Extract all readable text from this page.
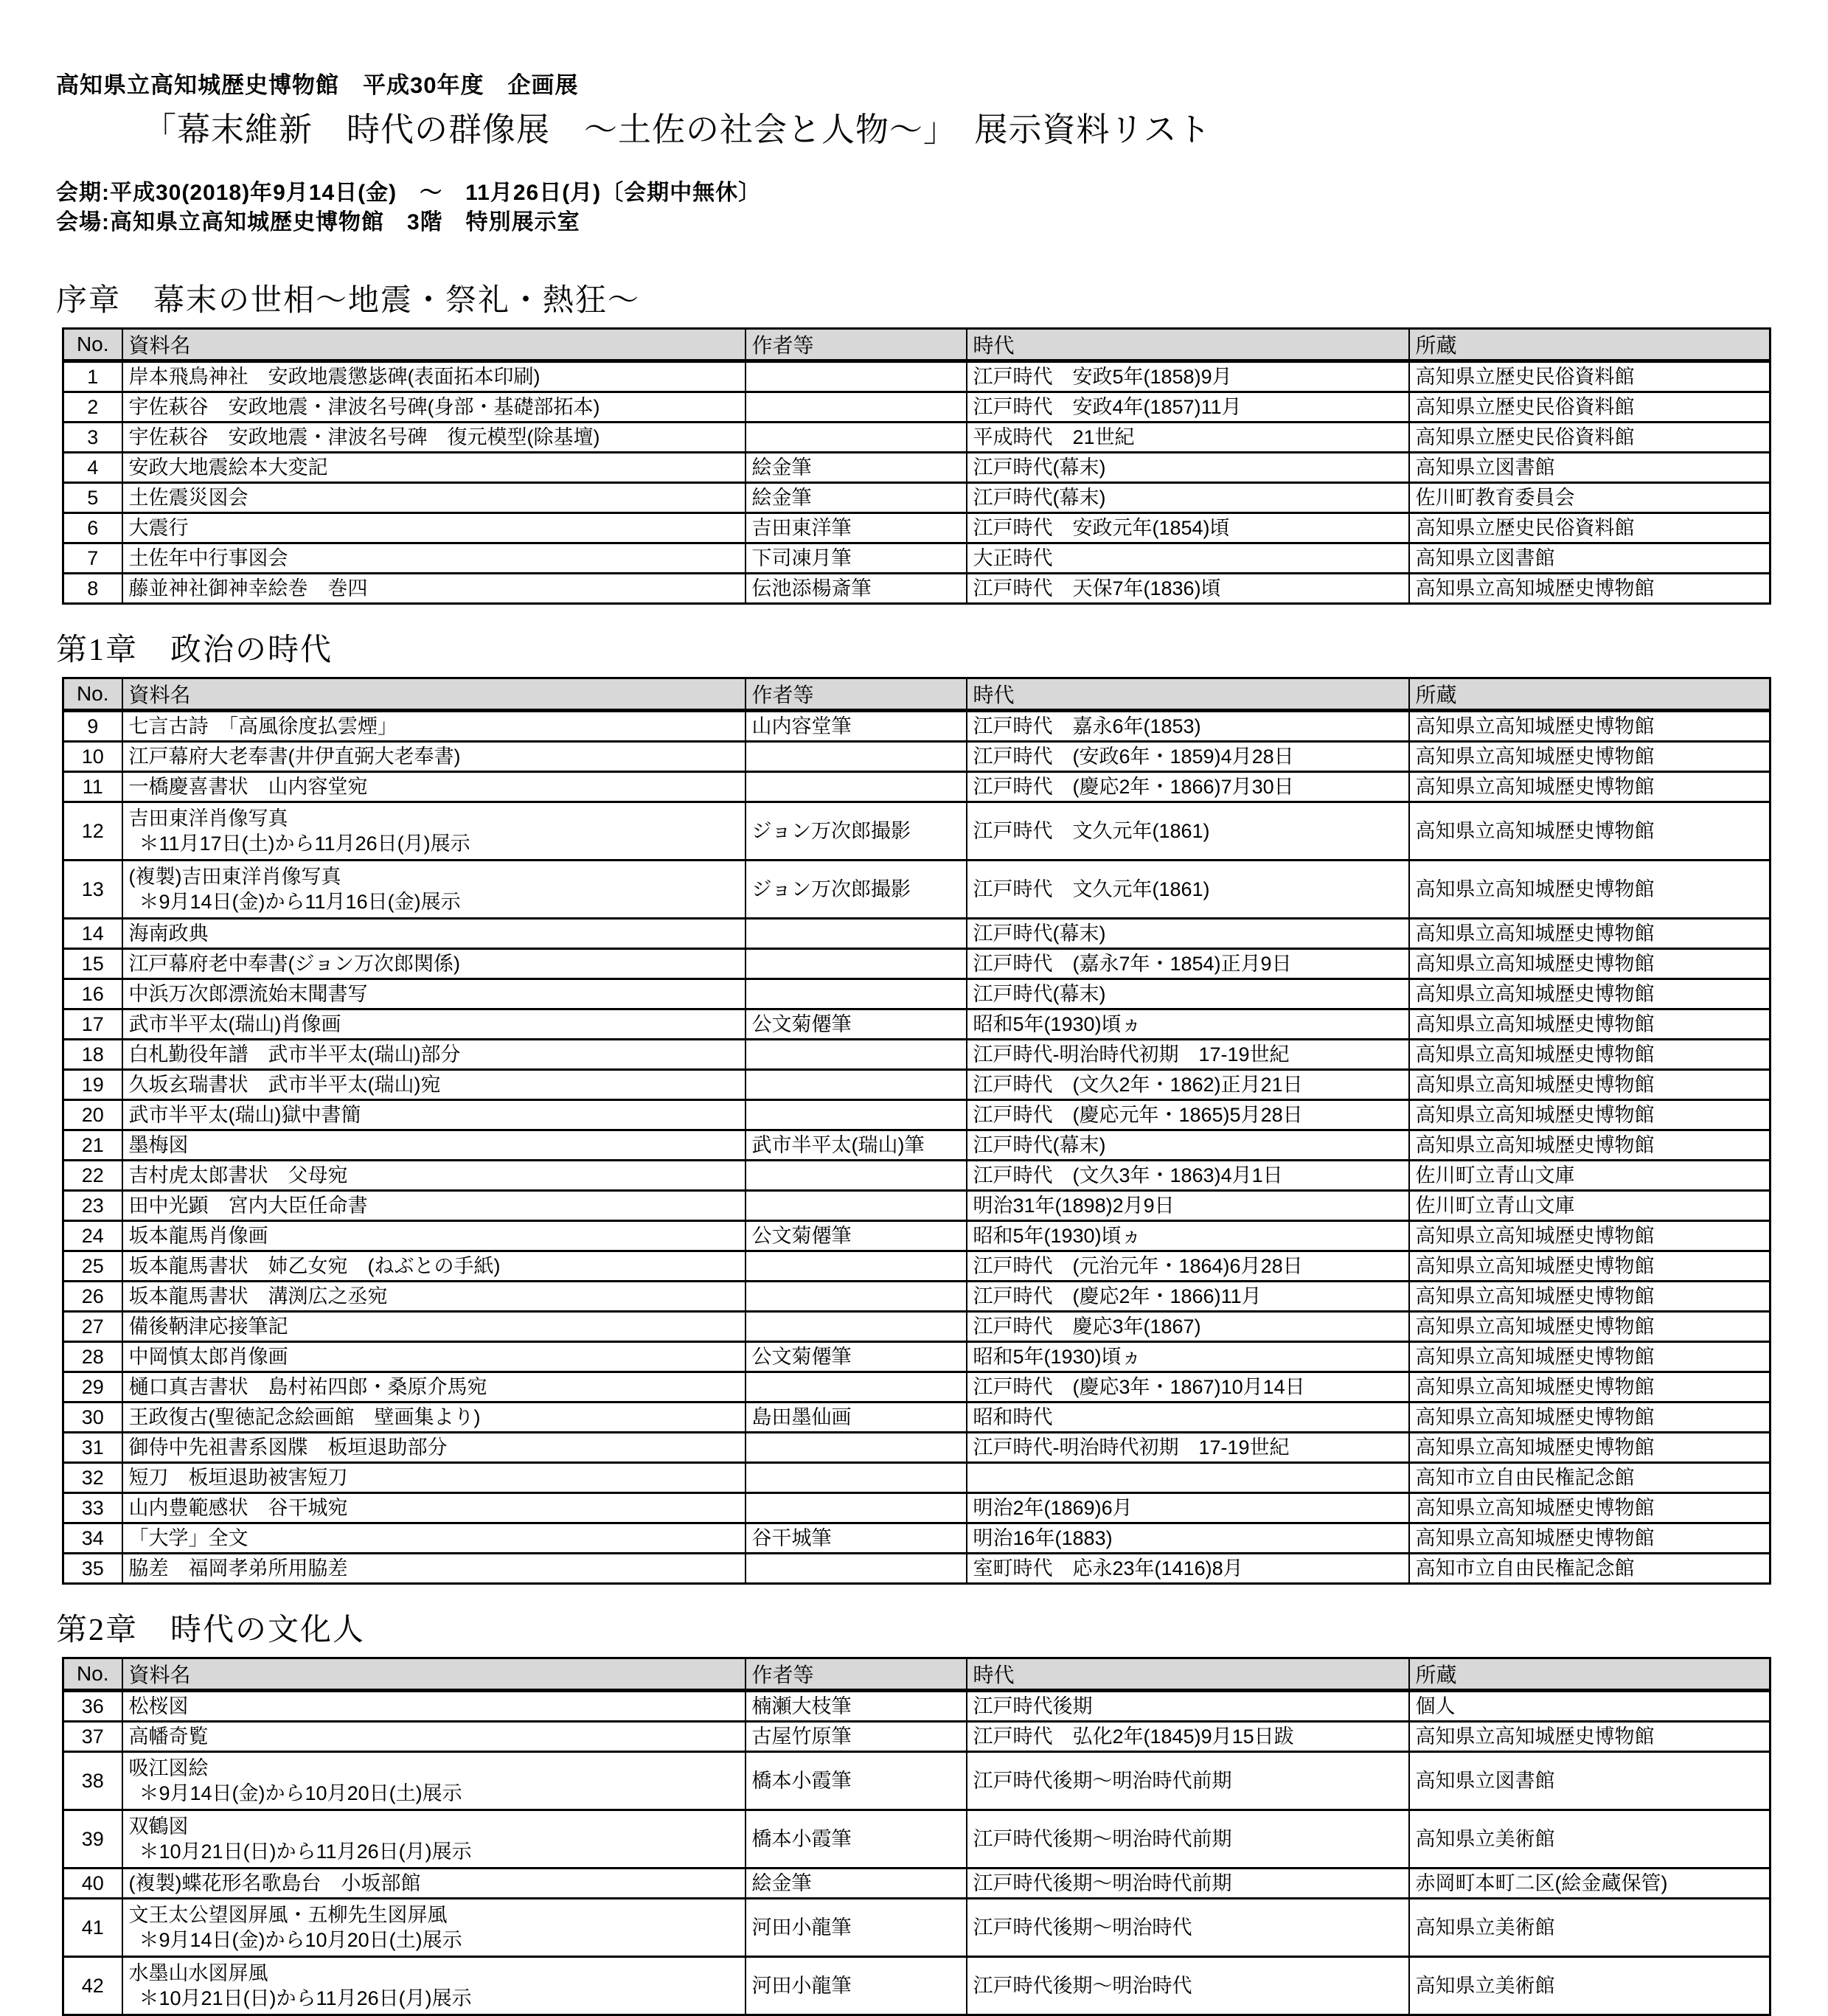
高知県立高知城歴史博物館　平成30年度　企画展
「幕末維新　時代の群像展　～土佐の社会と人物～」　展示資料リスト
会期:平成30(2018)年9月14日(金)　～　11月26日(月)〔会期中無休〕
会場:高知県立高知城歴史博物館　3階　特別展示室
序章　幕末の世相～地震・祭礼・熱狂～
No.	資料名	作者等	時代	所蔵
1	岸本飛鳥神社　安政地震懲毖碑(表面拓本印刷)		江戸時代　安政5年(1858)9月	高知県立歴史民俗資料館
2	宇佐萩谷　安政地震・津波名号碑(身部・基礎部拓本)		江戸時代　安政4年(1857)11月	高知県立歴史民俗資料館
3	宇佐萩谷　安政地震・津波名号碑　復元模型(除基壇)		平成時代　21世紀	高知県立歴史民俗資料館
4	安政大地震絵本大変記	絵金筆	江戸時代(幕末)	高知県立図書館
5	土佐震災図会	絵金筆	江戸時代(幕末)	佐川町教育委員会
6	大震行	吉田東洋筆	江戸時代　安政元年(1854)頃	高知県立歴史民俗資料館
7	土佐年中行事図会	下司凍月筆	大正時代	高知県立図書館
8	藤並神社御神幸絵巻　巻四	伝池添楊斎筆	江戸時代　天保7年(1836)頃	高知県立高知城歴史博物館
第1章　政治の時代
No.	資料名	作者等	時代	所蔵
9	七言古詩　「高風徐度払雲煙」	山内容堂筆	江戸時代　嘉永6年(1853)	高知県立高知城歴史博物館
10	江戸幕府大老奉書(井伊直弼大老奉書)		江戸時代　(安政6年・1859)4月28日	高知県立高知城歴史博物館
11	一橋慶喜書状　山内容堂宛		江戸時代　(慶応2年・1866)7月30日	高知県立高知城歴史博物館
12	吉田東洋肖像写真
＊11月17日(土)から11月26日(月)展示	ジョン万次郎撮影	江戸時代　文久元年(1861)	高知県立高知城歴史博物館
13	(複製)吉田東洋肖像写真
＊9月14日(金)から11月16日(金)展示	ジョン万次郎撮影	江戸時代　文久元年(1861)	高知県立高知城歴史博物館
14	海南政典		江戸時代(幕末)	高知県立高知城歴史博物館
15	江戸幕府老中奉書(ジョン万次郎関係)		江戸時代　(嘉永7年・1854)正月9日	高知県立高知城歴史博物館
16	中浜万次郎漂流始末聞書写		江戸時代(幕末)	高知県立高知城歴史博物館
17	武市半平太(瑞山)肖像画	公文菊僊筆	昭和5年(1930)頃ヵ	高知県立高知城歴史博物館
18	白札勤役年譜　武市半平太(瑞山)部分		江戸時代-明治時代初期　17-19世紀	高知県立高知城歴史博物館
19	久坂玄瑞書状　武市半平太(瑞山)宛		江戸時代　(文久2年・1862)正月21日	高知県立高知城歴史博物館
20	武市半平太(瑞山)獄中書簡		江戸時代　(慶応元年・1865)5月28日	高知県立高知城歴史博物館
21	墨梅図	武市半平太(瑞山)筆	江戸時代(幕末)	高知県立高知城歴史博物館
22	吉村虎太郎書状　父母宛		江戸時代　(文久3年・1863)4月1日	佐川町立青山文庫
23	田中光顕　宮内大臣任命書		明治31年(1898)2月9日	佐川町立青山文庫
24	坂本龍馬肖像画	公文菊僊筆	昭和5年(1930)頃ヵ	高知県立高知城歴史博物館
25	坂本龍馬書状　姉乙女宛　(ねぶとの手紙)		江戸時代　(元治元年・1864)6月28日	高知県立高知城歴史博物館
26	坂本龍馬書状　溝渕広之丞宛		江戸時代　(慶応2年・1866)11月	高知県立高知城歴史博物館
27	備後鞆津応接筆記		江戸時代　慶応3年(1867)	高知県立高知城歴史博物館
28	中岡慎太郎肖像画	公文菊僊筆	昭和5年(1930)頃ヵ	高知県立高知城歴史博物館
29	樋口真吉書状　島村祐四郎・桑原介馬宛		江戸時代　(慶応3年・1867)10月14日	高知県立高知城歴史博物館
30	王政復古(聖徳記念絵画館　壁画集より)	島田墨仙画	昭和時代	高知県立高知城歴史博物館
31	御侍中先祖書系図牒　板垣退助部分		江戸時代-明治時代初期　17-19世紀	高知県立高知城歴史博物館
32	短刀　板垣退助被害短刀			高知市立自由民権記念館
33	山内豊範感状　谷干城宛		明治2年(1869)6月	高知県立高知城歴史博物館
34	「大学」全文	谷干城筆	明治16年(1883)	高知県立高知城歴史博物館
35	脇差　福岡孝弟所用脇差		室町時代　応永23年(1416)8月	高知市立自由民権記念館
第2章　時代の文化人
No.	資料名	作者等	時代	所蔵
36	松桜図	楠瀬大枝筆	江戸時代後期	個人
37	高幡奇覧	古屋竹原筆	江戸時代　弘化2年(1845)9月15日跋	高知県立高知城歴史博物館
38	吸江図絵
＊9月14日(金)から10月20日(土)展示	橋本小霞筆	江戸時代後期～明治時代前期	高知県立図書館
39	双鶴図
＊10月21日(日)から11月26日(月)展示	橋本小霞筆	江戸時代後期～明治時代前期	高知県立美術館
40	(複製)蝶花形名歌島台　小坂部館	絵金筆	江戸時代後期～明治時代前期	赤岡町本町二区(絵金蔵保管)
41	文王太公望図屏風・五柳先生図屏風
＊9月14日(金)から10月20日(土)展示	河田小龍筆	江戸時代後期～明治時代	高知県立美術館
42	水墨山水図屏風
＊10月21日(日)から11月26日(月)展示	河田小龍筆	江戸時代後期～明治時代	高知県立美術館
